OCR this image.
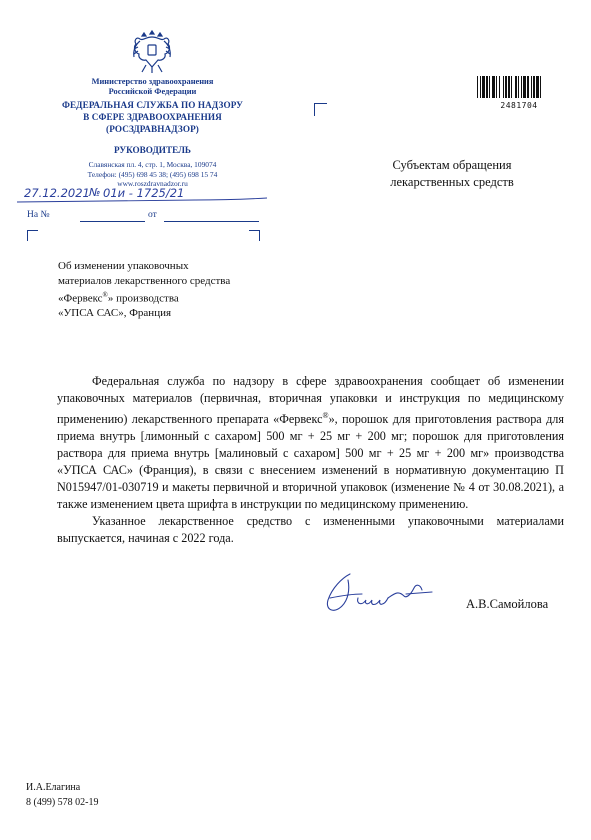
Министерство здравоохранения
Российской Федерации
ФЕДЕРАЛЬНАЯ СЛУЖБА ПО НАДЗОРУ
В СФЕРЕ ЗДРАВООХРАНЕНИЯ
(РОСЗДРАВНАДЗОР)
РУКОВОДИТЕЛЬ
Славянская пл. 4, стр. 1, Москва, 109074
Телефон: (495) 698 45 38; (495) 698 15 74
www.roszdravnadzor.ru
27.12.2021 № 01и - 1725/21
На №	от
2481704
Субъектам обращения
лекарственных средств
Об изменении упаковочных
материалов лекарственного средства
«Фервекс®» производства
«УПСА САС», Франция

Федеральная служба по надзору в сфере здравоохранения сообщает об изменении упаковочных материалов (первичная, вторичная упаковки и инструкция по медицинскому применению) лекарственного препарата «Фервекс®», порошок для приготовления раствора для приема внутрь [лимонный с сахаром] 500 мг + 25 мг + 200 мг; порошок для приготовления раствора для приема внутрь [малиновый с сахаром] 500 мг + 25 мг + 200 мг» производства «УПСА САС» (Франция), в связи с внесением изменений в нормативную документацию П N015947/01-030719 и макеты первичной и вторичной упаковок (изменение № 4 от 30.08.2021), а также изменением цвета шрифта в инструкции по медицинскому применению.

Указанное лекарственное средство с измененными упаковочными материалами выпускается, начиная с 2022 года.

А.В.Самойлова
И.А.Елагина
8 (499) 578 02-19
